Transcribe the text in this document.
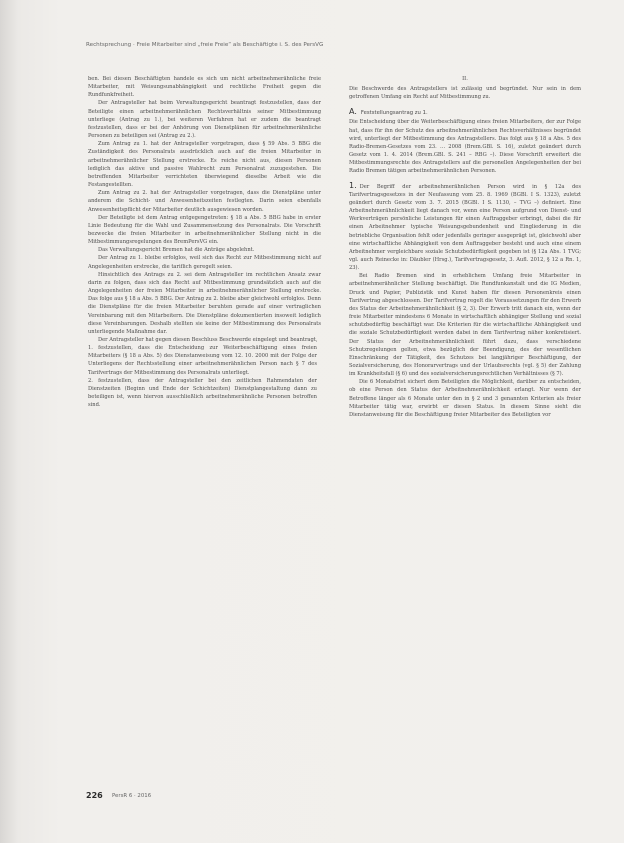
Rechtsprechung · Freie Mitarbeiter sind „freie Freie“ als Beschäftigte i. S. des PersVG

ben. Bei diesen Beschäftigten handele es sich um nicht arbeitnehmerähnliche freie Mitarbeiter, mit Weisungsunabhängigkeit und rechtliche Freiheit gegen die Rundfunkfreiheit.

Der Antragsteller hat beim Verwaltungsgericht beantragt festzustellen, dass der Beteiligte einen arbeitnehmerähnlichen Rechtsverhältnis seiner Mitbestimmung unterliege (Antrag zu 1.), bei weiteren Verfahren hat er zudem die beantragt festzustellen, dass er bei der Anhörung von Dienstplänen für arbeitnehmerähnliche Personen zu beteiligen sei (Antrag zu 2.).

Zum Antrag zu 1. hat der Antragsteller vorgetragen, dass § 59 Abs. 5 BBG die Zuständigkeit des Personalrats ausdrücklich auch auf die freien Mitarbeiter in arbeitnehmerähnlicher Stellung erstrecke. Es reiche nicht aus, diesen Personen lediglich das aktive und passive Wahlrecht zum Personalrat zuzugestehen. Die betreffenden Mitarbeiter verrichteten überwiegend dieselbe Arbeit wie die Festangestellten.

Zum Antrag zu 2. hat der Antragsteller vorgetragen, dass die Dienstpläne unter anderem die Schicht- und Anwesenheitszeiten festlegten. Darin seien ebenfalls Anwesenheitspflicht der Mitarbeiter deutlich ausgewiesen worden.

Der Beteiligte ist dem Antrag entgegengetreten: § 18 a Abs. 5 BBG habe in erster Linie Bedeutung für die Wahl und Zusammensetzung des Personalrats. Die Vorschrift bezwecke die freien Mitarbeiter in arbeitnehmerähnlicher Stellung nicht in die Mitbestimmungsregelungen des BremPersVG ein.

Das Verwaltungsgericht Bremen hat die Anträge abgelehnt.

Der Antrag zu 1. bleibe erfolglos, weil sich das Recht zur Mitbestimmung nicht auf Angelegenheiten erstrecke, die tariflich geregelt seien.

Hinsichtlich des Antrags zu 2. sei dem Antragsteller im rechtlichen Ansatz zwar darin zu folgen, dass sich das Recht auf Mitbestimmung grundsätzlich auch auf die Angelegenheiten der freien Mitarbeiter in arbeitnehmerähnlicher Stellung erstrecke. Das folge aus § 18 a Abs. 5 BBG. Der Antrag zu 2. bleibe aber gleichwohl erfolglos. Denn die Dienstpläne für die freien Mitarbeiter beruhten gerade auf einer vertraglichen Vereinbarung mit den Mitarbeitern. Die Dienstpläne dokumentierten insoweit lediglich diese Vereinbarungen. Deshalb stellten sie keine der Mitbestimmung des Personalrats unterliegende Maßnahme dar.

Der Antragsteller hat gegen diesen Beschluss Beschwerde eingelegt und beantragt,

1. festzustellen, dass die Entscheidung zur Weiterbeschäftigung eines freien Mitarbeiters (§ 18 a Abs. 5) des Dienstanweisung vom 12. 10. 2000 mit der Folge der Unterliegens der Rechtsstellung einer arbeitnehmerähnlichen Person nach § 7 des Tarifvertrags der Mitbestimmung des Personalrats unterliegt.

2. festzustellen, dass der Antragsteller bei den zeitlichen Rahmendaten der Dienstzeiten (Beginn und Ende der Schichtzeiten) Dienstplangestaltung dann zu beteiligen ist, wenn hiervon ausschließlich arbeitnehmerähnliche Personen betroffen sind.

II.

Die Beschwerde des Antragstellers ist zulässig und begründet. Nur sein in dem getroffenen Umfang ein Recht auf Mitbestimmung zu.

A. Feststellungsantrag zu 1.

Die Entscheidung über die Weiterbeschäftigung eines freien Mitarbeiters, der zur Folge hat, dass für ihn der Schutz des arbeitnehmerähnlichen Rechtsverhältnisses begründet wird, unterliegt der Mitbestimmung des Antragstellers. Das folgt aus § 18 a Abs. 5 des Radio-Bremen-Gesetzes vom 23. … 2008 (Brem.GBl. S. 16), zuletzt geändert durch Gesetz vom 1. 4. 2014 (Brem.GBl. S. 241 – RBG –). Diese Vorschrift erweitert die Mitbestimmungsrechte des Antragstellers auf die personellen Angelegenheiten der bei Radio Bremen tätigen arbeitnehmerähnlichen Personen.

1. Der Begriff der arbeitnehmerähnlichen Person wird in § 12a des Tarifvertragsgesetzes in der Neufassung vom 25. 8. 1969 (BGBl. I S. 1323), zuletzt geändert durch Gesetz vom 3. 7. 2015 (BGBl. I S. 1130, – TVG –) definiert. Eine Arbeitnehmerähnlichkeit liegt danach vor, wenn eine Person aufgrund von Dienst- und Werkverträgen persönliche Leistungen für einen Auftraggeber erbringt, dabei die für einen Arbeitnehmer typische Weisungsgebundenheit und Eingliederung in die betriebliche Organisation fehlt oder jedenfalls geringer ausgeprägt ist, gleichwohl aber eine wirtschaftliche Abhängigkeit von dem Auftraggeber besteht und auch eine einem Arbeitnehmer vergleichbare soziale Schutzbedürftigkeit gegeben ist (§ 12a Abs. 1 TVG; vgl. auch Reinecke in: Däubler (Hrsg.), Tarifvertragsgesetz, 3. Aufl. 2012, § 12 a Rn. 1, 23).

Bei Radio Bremen sind in erheblichem Umfang freie Mitarbeiter in arbeitnehmerähnlicher Stellung beschäftigt. Die Rundfunkanstalt und die IG Medien, Druck und Papier, Publizistik und Kunst haben für diesen Personenkreis einen Tarifvertrag abgeschlossen. Der Tarifvertrag regelt die Voraussetzungen für den Erwerb des Status der Arbeitnehmerähnlichkeit (§ 2, 3). Der Erwerb tritt danach ein, wenn der freie Mitarbeiter mindestens 6 Monate in wirtschaftlich abhängiger Stellung und sozial schutzbedürftig beschäftigt war. Die Kriterien für die wirtschaftliche Abhängigkeit und die soziale Schutzbedürftigkeit werden dabei in dem Tarifvertrag näher konkretisiert. Der Status der Arbeitnehmerähnlichkeit führt dazu, dass verschiedene Schutzregelungen gelten, etwa bezüglich der Beendigung, des der wesentlichen Einschränkung der Tätigkeit, des Schutzes bei langjähriger Beschäftigung, der Sozialversicherung, des Honorarvertrags und der Urlaubsrechts (vgl. § 5) der Zahlung im Krankheitsfall (§ 6) und des sozialversicherungsrechtlichen Verhältnisses (§ 7).

Die 6 Monatsfrist sichert dem Beteiligten die Möglichkeit, darüber zu entscheiden, ob eine Person den Status der Arbeitnehmerähnlichkeit erlangt. Nur wenn der Betroffene länger als 6 Monate unter den in § 2 und 3 genannten Kriterien als freier Mitarbeiter tätig war, erwirbt er diesen Status. In diesem Sinne sieht die Dienstanweisung für die Beschäftigung freier Mitarbeiter des Beteiligten vor

226 PersR 6 · 2016
